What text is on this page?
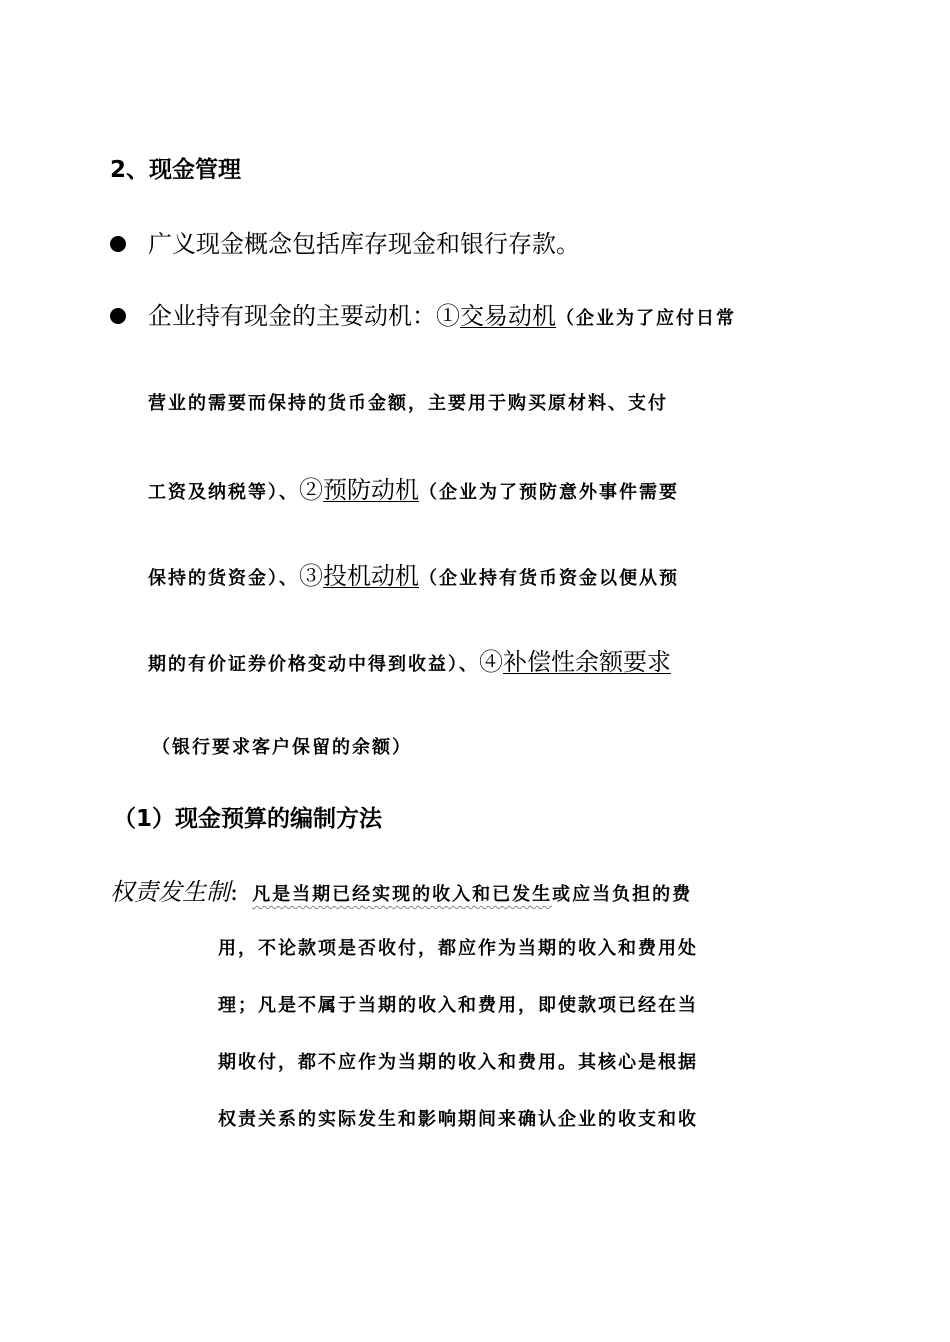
2、现金管理
广义现金概念包括库存现金和银行存款。
企业持有现金的主要动机：①交易动机（企业为了应付日常
营业的需要而保持的货币金额，主要用于购买原材料、支付
工资及纳税等）、②预防动机（企业为了预防意外事件需要
保持的货资金）、③投机动机（企业持有货币资金以便从预
期的有价证券价格变动中得到收益）、④补偿性余额要求
（银行要求客户保留的余额）
（1）现金预算的编制方法
权责发生制: 凡是当期已经实现的收入和已发生或应当负担的费
用，不论款项是否收付，都应作为当期的收入和费用处
理；凡是不属于当期的收入和费用，即使款项已经在当
期收付，都不应作为当期的收入和费用。其核心是根据
权责关系的实际发生和影响期间来确认企业的收支和收
